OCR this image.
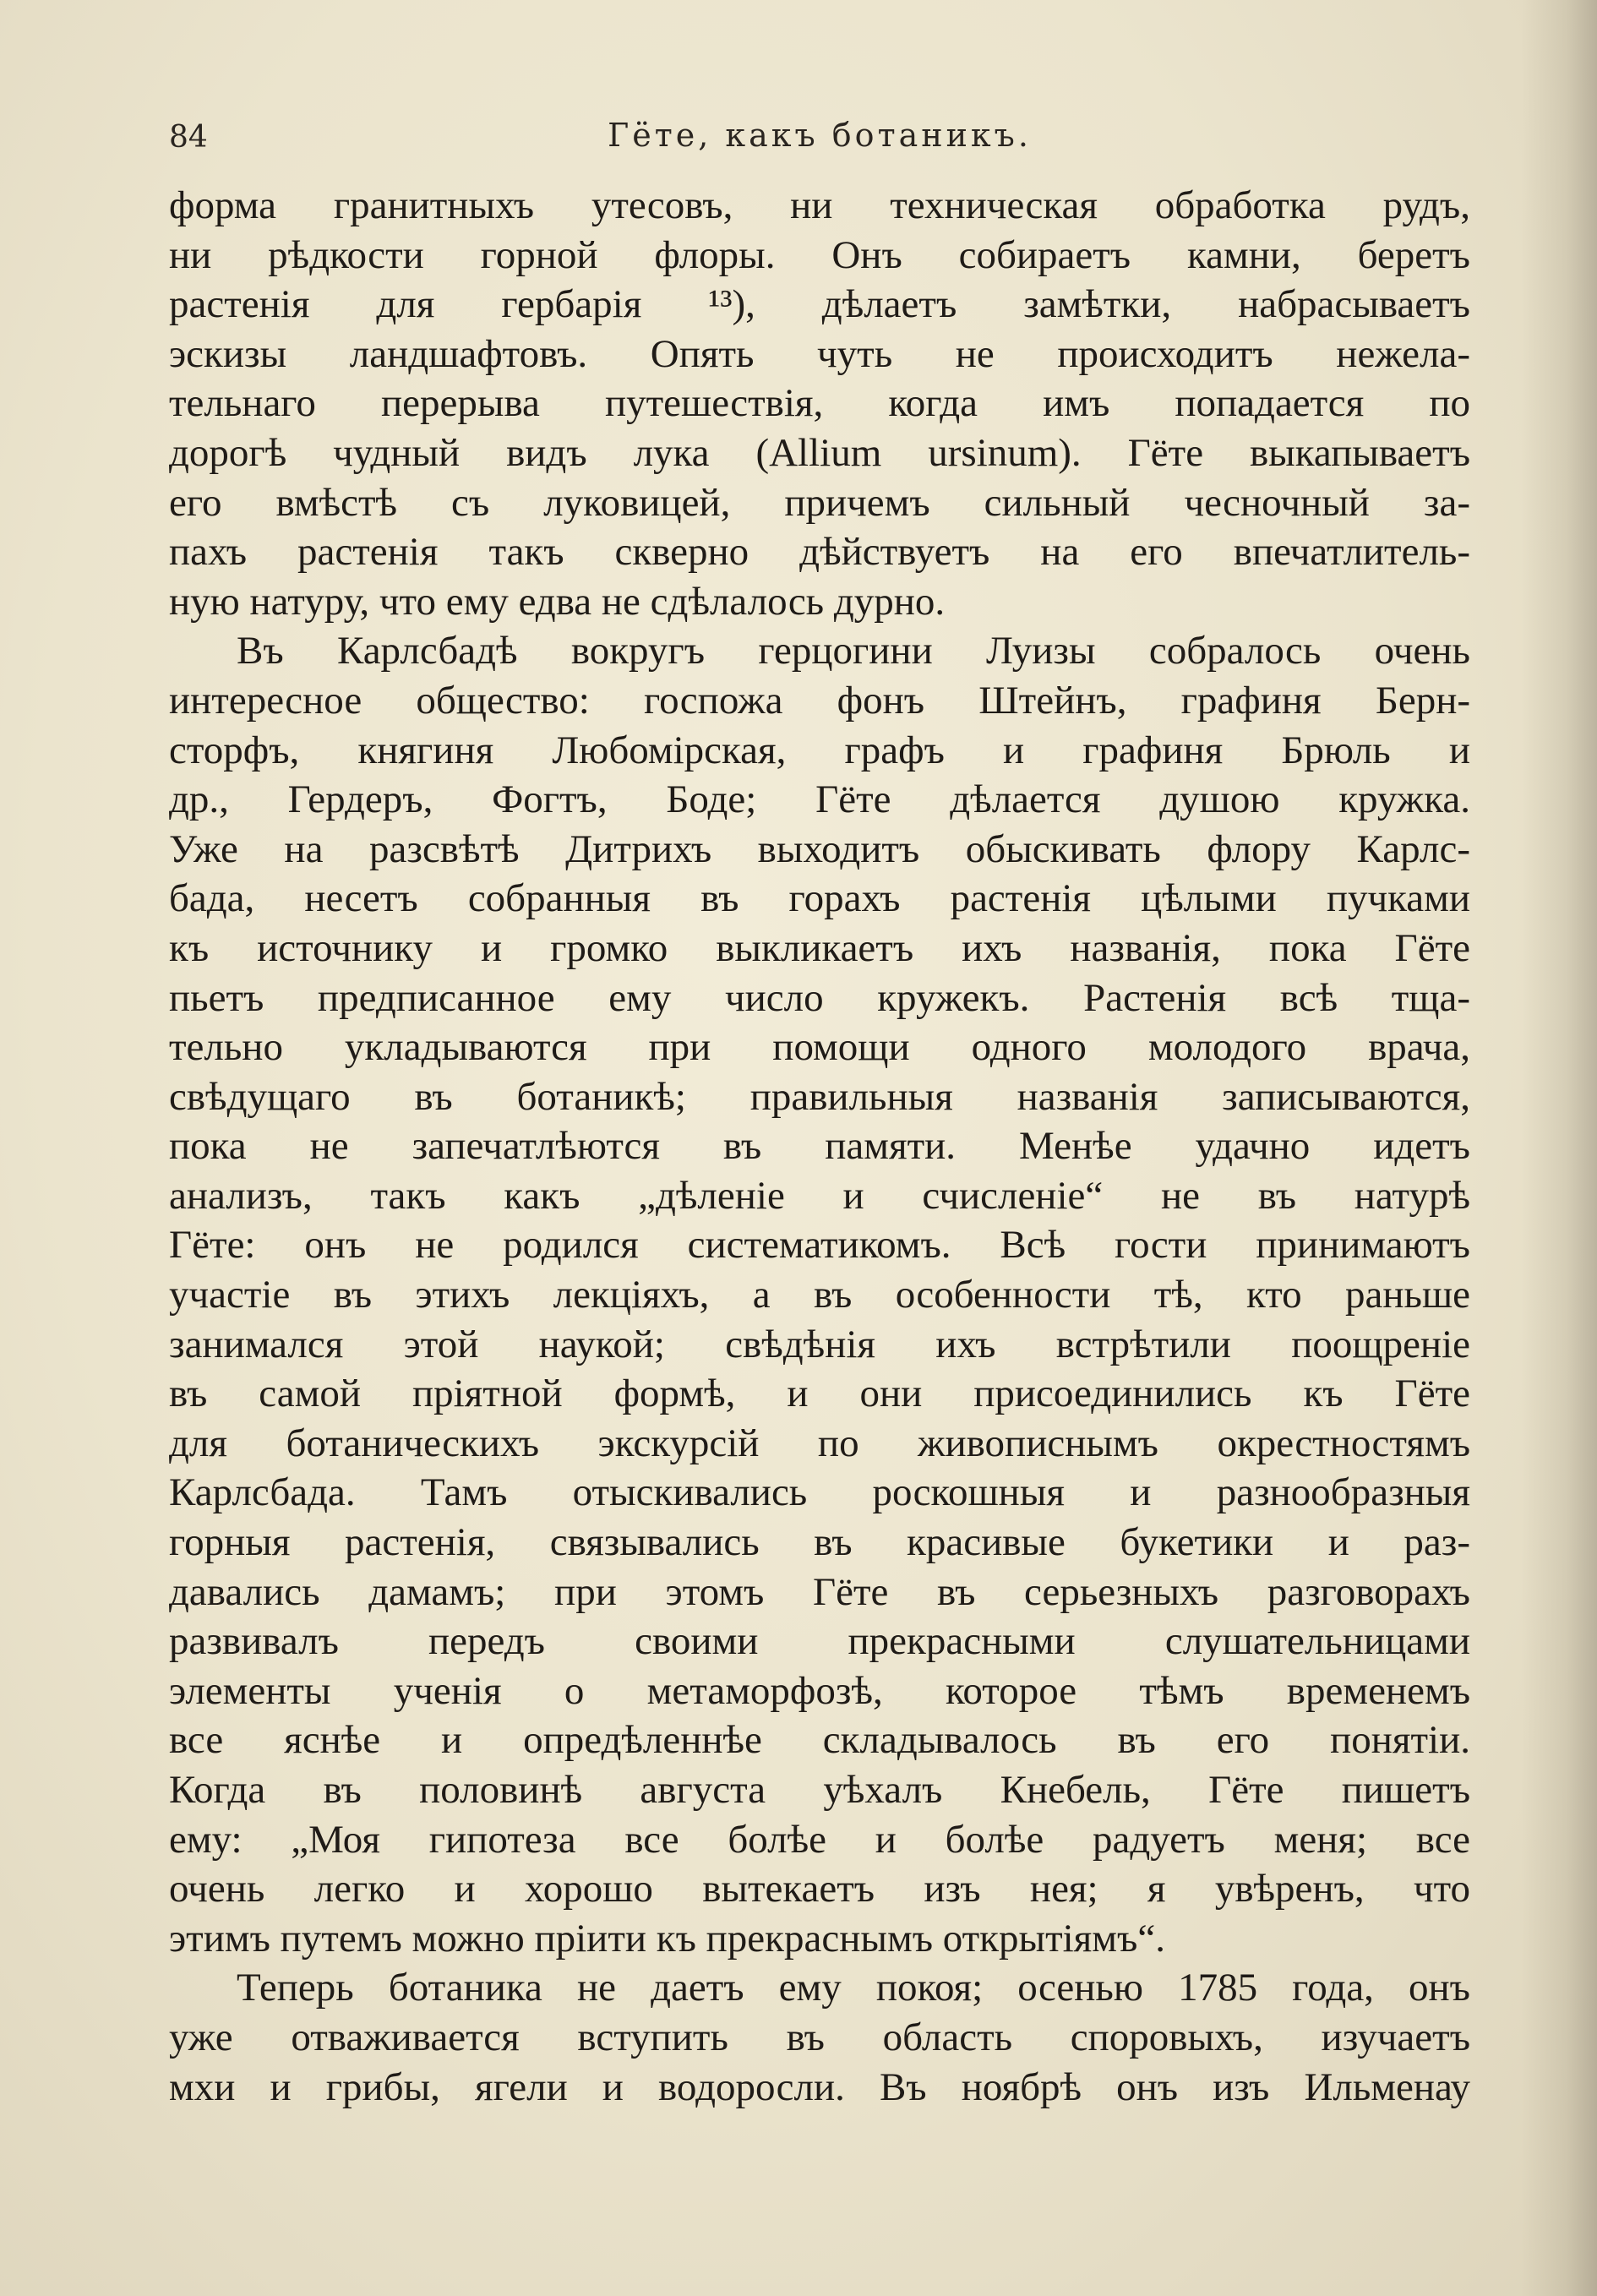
84	Гёте, какъ ботаникъ.
форма гранитныхъ утесовъ, ни техническая обработка рудъ,
ни рѣдкости горной флоры. Онъ собираетъ камни, беретъ
растенія для гербарія ¹³), дѣлаетъ замѣтки, набрасываетъ
эскизы ландшафтовъ. Опять чуть не происходитъ нежела-
тельнаго перерыва путешествія, когда имъ попадается по
дорогѣ чудный видъ лука (Allium ursinum). Гёте выкапываетъ
его вмѣстѣ съ луковицей, причемъ сильный чесночный за-
пахъ растенія такъ скверно дѣйствуетъ на его впечатлитель-
ную натуру, что ему едва не сдѣлалось дурно.
Въ Карлсбадѣ вокругъ герцогини Луизы собралось очень
интересное общество: госпожа фонъ Штейнъ, графиня Берн-
сторфъ, княгиня Любомірская, графъ и графиня Брюль и
др., Гердеръ, Фогтъ, Боде; Гёте дѣлается душою кружка.
Уже на разсвѣтѣ Дитрихъ выходитъ обыскивать флору Карлс-
бада, несетъ собранныя въ горахъ растенія цѣлыми пучками
къ источнику и громко выкликаетъ ихъ названія, пока Гёте
пьетъ предписанное ему число кружекъ. Растенія всѣ тща-
тельно укладываются при помощи одного молодого врача,
свѣдущаго въ ботаникѣ; правильныя названія записываются,
пока не запечатлѣются въ памяти. Менѣе удачно идетъ
анализъ, такъ какъ „дѣленіе и счисленіе“ не въ натурѣ
Гёте: онъ не родился систематикомъ. Всѣ гости принимаютъ
участіе въ этихъ лекціяхъ, а въ особенности тѣ, кто раньше
занимался этой наукой; свѣдѣнія ихъ встрѣтили поощреніе
въ самой пріятной формѣ, и они присоединились къ Гёте
для ботаническихъ экскурсій по живописнымъ окрестностямъ
Карлсбада. Тамъ отыскивались роскошныя и разнообразныя
горныя растенія, связывались въ красивые букетики и раз-
давались дамамъ; при этомъ Гёте въ серьезныхъ разговорахъ
развивалъ передъ своими прекрасными слушательницами
элементы ученія о метаморфозѣ, которое тѣмъ временемъ
все яснѣе и опредѣленнѣе складывалось въ его понятіи.
Когда въ половинѣ августа уѣхалъ Кнебель, Гёте пишетъ
ему: „Моя гипотеза все болѣе и болѣе радуетъ меня; все
очень легко и хорошо вытекаетъ изъ нея; я увѣренъ, что
этимъ путемъ можно пріити къ прекраснымъ открытіямъ“.
Теперь ботаника не даетъ ему покоя; осенью 1785 года, онъ
уже отваживается вступить въ область споровыхъ, изучаетъ
мхи и грибы, ягели и водоросли. Въ ноябрѣ онъ изъ Ильменау
